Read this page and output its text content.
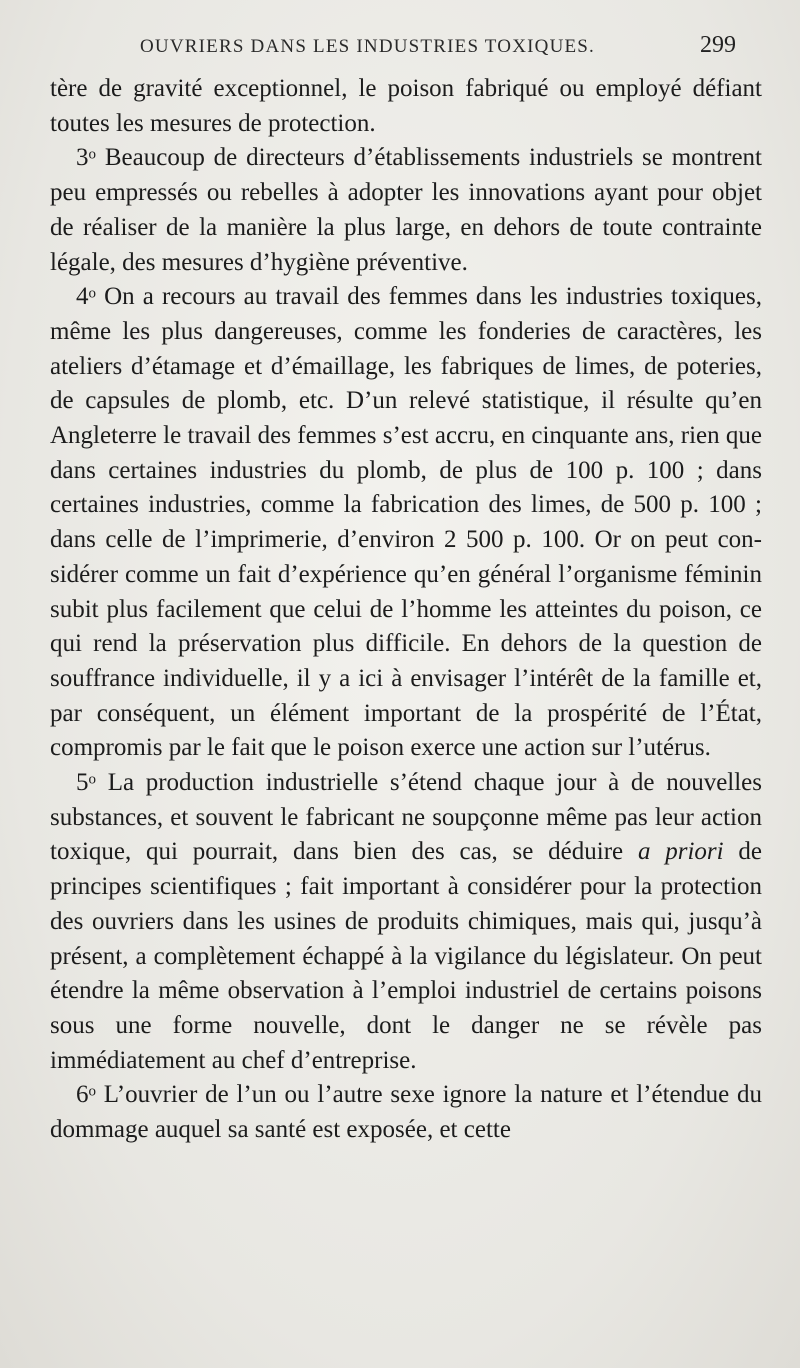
OUVRIERS DANS LES INDUSTRIES TOXIQUES.	299

tère de gravité exceptionnel, le poison fabriqué ou employé défiant toutes les mesures de protection.

3$^o$ Beaucoup de directeurs d’établissements industriels se montrent peu empressés ou rebelles à adopter les innovations ayant pour objet de réaliser de la manière la plus large, en dehors de toute contrainte légale, des mesures d’hygiène préventive.

4$^o$ On a recours au travail des femmes dans les industries toxiques, même les plus dangereuses, comme les fonderies de caractères, les ateliers d’étamage et d’émaillage, les fabriques de limes, de poteries, de capsules de plomb, etc. D’un relevé statistique, il résulte qu’en Angleterre le travail des femmes s’est accru, en cinquante ans, rien que dans certaines industries du plomb, de plus de 100 p. 100 ; dans certaines industries, comme la fabrication des limes, de 500 p. 100 ; dans celle de l’imprimerie, d’environ 2 500 p. 100. Or on peut considérer comme un fait d’expérience qu’en général l’organisme féminin subit plus facilement que celui de l’homme les atteintes du poison, ce qui rend la préservation plus difficile. En dehors de la question de souffrance individuelle, il y a ici à envisager l’intérêt de la famille et, par conséquent, un élément important de la prospérité de l’État, compromis par le fait que le poison exerce une action sur l’utérus.

5$^o$ La production industrielle s’étend chaque jour à de nouvelles substances, et souvent le fabricant ne soupçonne même pas leur action toxique, qui pourrait, dans bien des cas, se déduire a priori de principes scientifiques ; fait important à considérer pour la protection des ouvriers dans les usines de produits chimiques, mais qui, jusqu’à présent, a complètement échappé à la vigilance du législateur. On peut étendre la même observation à l’emploi industriel de certains poisons sous une forme nouvelle, dont le danger ne se révèle pas immédiatement au chef d’entreprise.

6$^o$ L’ouvrier de l’un ou l’autre sexe ignore la nature et l’étendue du dommage auquel sa santé est exposée, et cette
